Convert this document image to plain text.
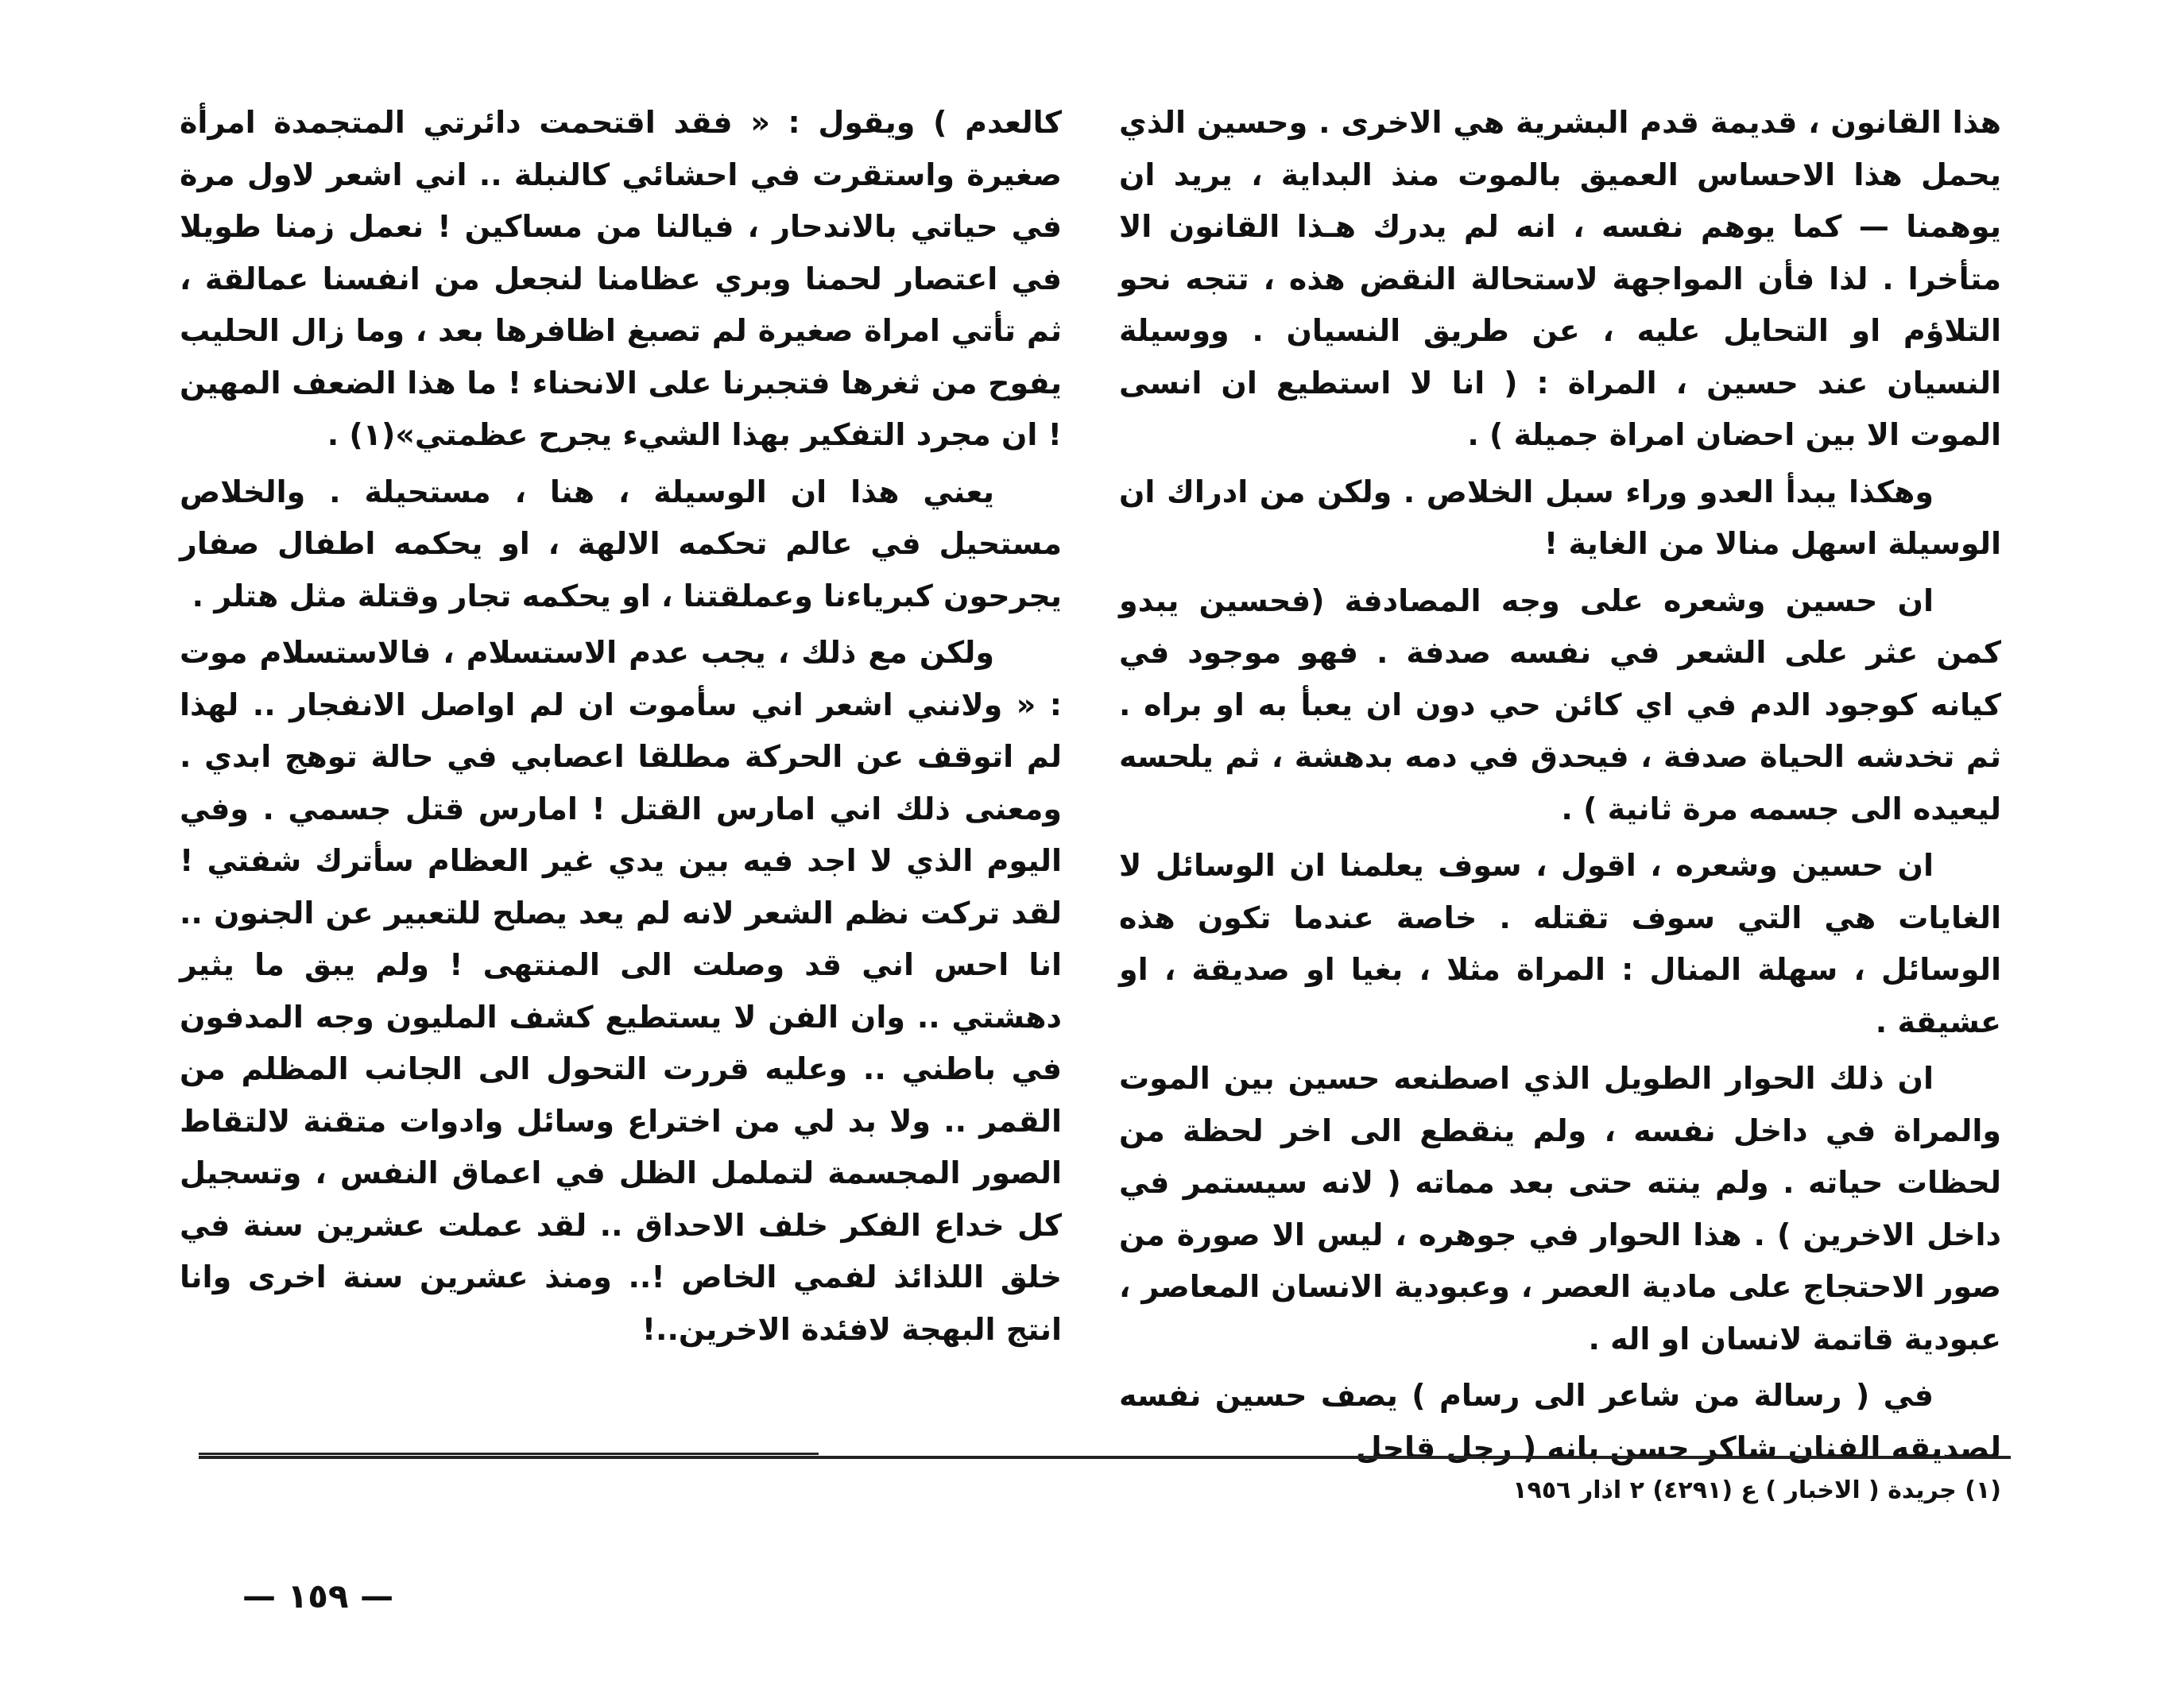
هذا القانون ، قديمة قدم البشرية هي الاخرى . وحسين الذي يحمل هذا الاحساس العميق بالموت منذ البداية ، يريد ان يوهمنا — كما يوهم نفسه ، انه لم يدرك هـذا القانون الا متأخرا . لذا فأن المواجهة لاستحالة النقض هذه ، تتجه نحو التلاؤم او التحايل عليه ، عن طريق النسيان . ووسيلة النسيان عند حسين ، المراة : ( انا لا استطيع ان انسى الموت الا بين احضان امراة جميلة ) .

وهكذا يبدأ العدو وراء سبل الخلاص . ولكن من ادراك ان الوسيلة اسهل منالا من الغاية !

ان حسين وشعره على وجه المصادفة (فحسين يبدو كمن عثر على الشعر في نفسه صدفة . فهو موجود في كيانه كوجود الدم في اي كائن حي دون ان يعبأ به او براه . ثم تخدشه الحياة صدفة ، فيحدق في دمه بدهشة ، ثم يلحسه ليعيده الى جسمه مرة ثانية ) .

ان حسين وشعره ، اقول ، سوف يعلمنا ان الوسائل لا الغايات هي التي سوف تقتله . خاصة عندما تكون هذه الوسائل ، سهلة المنال : المراة مثلا ، بغيا او صديقة ، او عشيقة .

ان ذلك الحوار الطويل الذي اصطنعه حسين بين الموت والمراة في داخل نفسه ، ولم ينقطع الى اخر لحظة من لحظات حياته . ولم ينته حتى بعد مماته ( لانه سيستمر في داخل الاخرين ) . هذا الحوار في جوهره ، ليس الا صورة من صور الاحتجاج على مادية العصر ، وعبودية الانسان المعاصر ، عبودية قاتمة لانسان او اله .

في ( رسالة من شاعر الى رسام ) يصف حسين نفسه لصديقه الفنان شاكر حسن بانه ( رجل قاحل

كالعدم ) ويقول : « فقد اقتحمت دائرتي المتجمدة امرأة صغيرة واستقرت في احشائي كالنبلة .. اني اشعر لاول مرة في حياتي بالاندحار ، فيالنا من مساكين ! نعمل زمنا طويلا في اعتصار لحمنا وبري عظامنا لنجعل من انفسنا عمالقة ، ثم تأتي امراة صغيرة لم تصبغ اظافرها بعد ، وما زال الحليب يفوح من ثغرها فتجبرنا على الانحناء ! ما هذا الضعف المهين ! ان مجرد التفكير بهذا الشيء يجرح عظمتي»(١) .

يعني هذا ان الوسيلة ، هنا ، مستحيلة . والخلاص مستحيل في عالم تحكمه الالهة ، او يحكمه اطفال صفار يجرحون كبرياءنا وعملقتنا ، او يحكمه تجار وقتلة مثل هتلر .

ولكن مع ذلك ، يجب عدم الاستسلام ، فالاستسلام موت : « ولانني اشعر اني سأموت ان لم اواصل الانفجار .. لهذا لم اتوقف عن الحركة مطلقا اعصابي في حالة توهج ابدي . ومعنى ذلك اني امارس القتل ! امارس قتل جسمي . وفي اليوم الذي لا اجد فيه بين يدي غير العظام سأترك شفتي ! لقد تركت نظم الشعر لانه لم يعد يصلح للتعبير عن الجنون .. انا احس اني قد وصلت الى المنتهى ! ولم يبق ما يثير دهشتي .. وان الفن لا يستطيع كشف المليون وجه المدفون في باطني .. وعليه قررت التحول الى الجانب المظلم من القمر .. ولا بد لي من اختراع وسائل وادوات متقنة لالتقاط الصور المجسمة لتململ الظل في اعماق النفس ، وتسجيل كل خداع الفكر خلف الاحداق .. لقد عملت عشرين سنة في خلق اللذائذ لفمي الخاص !.. ومنذ عشرين سنة اخرى وانا انتج البهجة لافئدة الاخرين..!

(١) جريدة ( الاخبار ) ع (٤٢٩١) ٢ اذار ١٩٥٦
— ١٥٩ —
